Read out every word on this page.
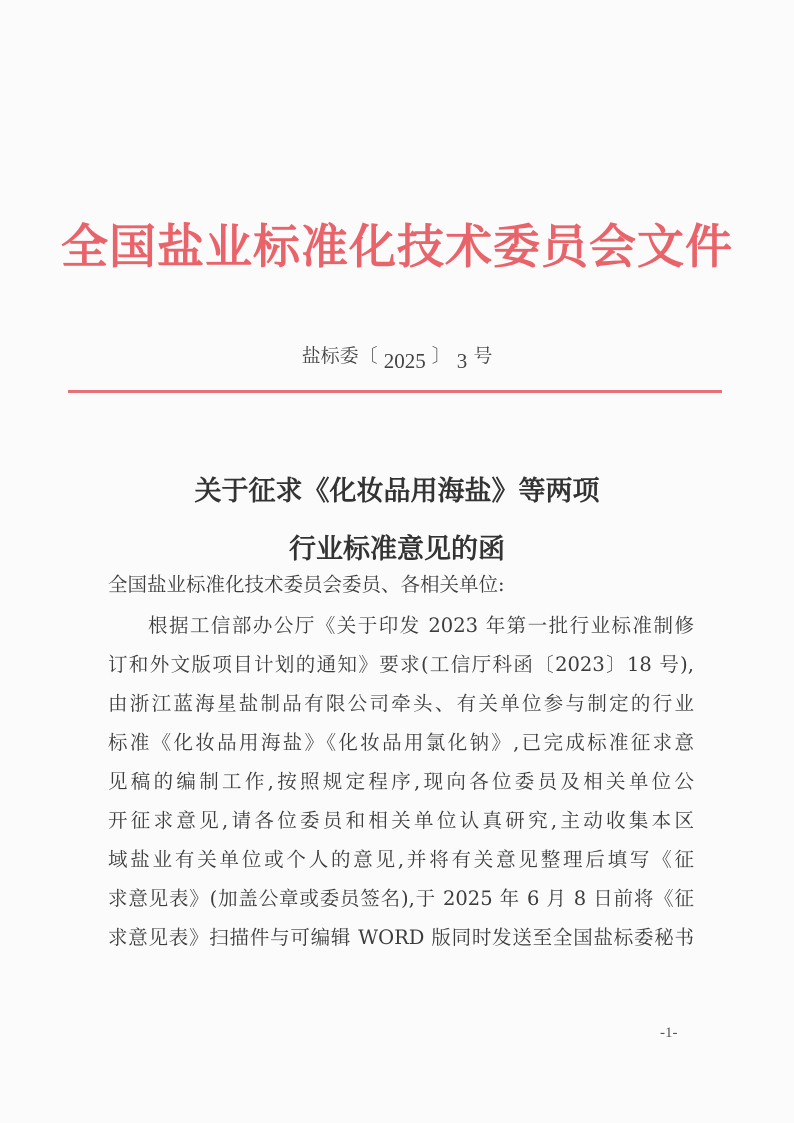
全国盐业标准化技术委员会文件
盐标委〔 2025 〕 3 号
关于征求《化妆品用海盐》等两项
行业标准意见的函
全国盐业标准化技术委员会委员、各相关单位:
根据工信部办公厅《关于印发 2023 年第一批行业标准制修
订和外文版项目计划的通知》要求(工信厅科函〔2023〕18 号),
由浙江蓝海星盐制品有限公司牵头、有关单位参与制定的行业
标准《化妆品用海盐》《化妆品用氯化钠》,已完成标准征求意
见稿的编制工作,按照规定程序,现向各位委员及相关单位公
开征求意见,请各位委员和相关单位认真研究,主动收集本区
域盐业有关单位或个人的意见,并将有关意见整理后填写《征
求意见表》(加盖公章或委员签名),于 2025 年 6 月 8 日前将《征
求意见表》扫描件与可编辑 WORD 版同时发送至全国盐标委秘书
-1-
